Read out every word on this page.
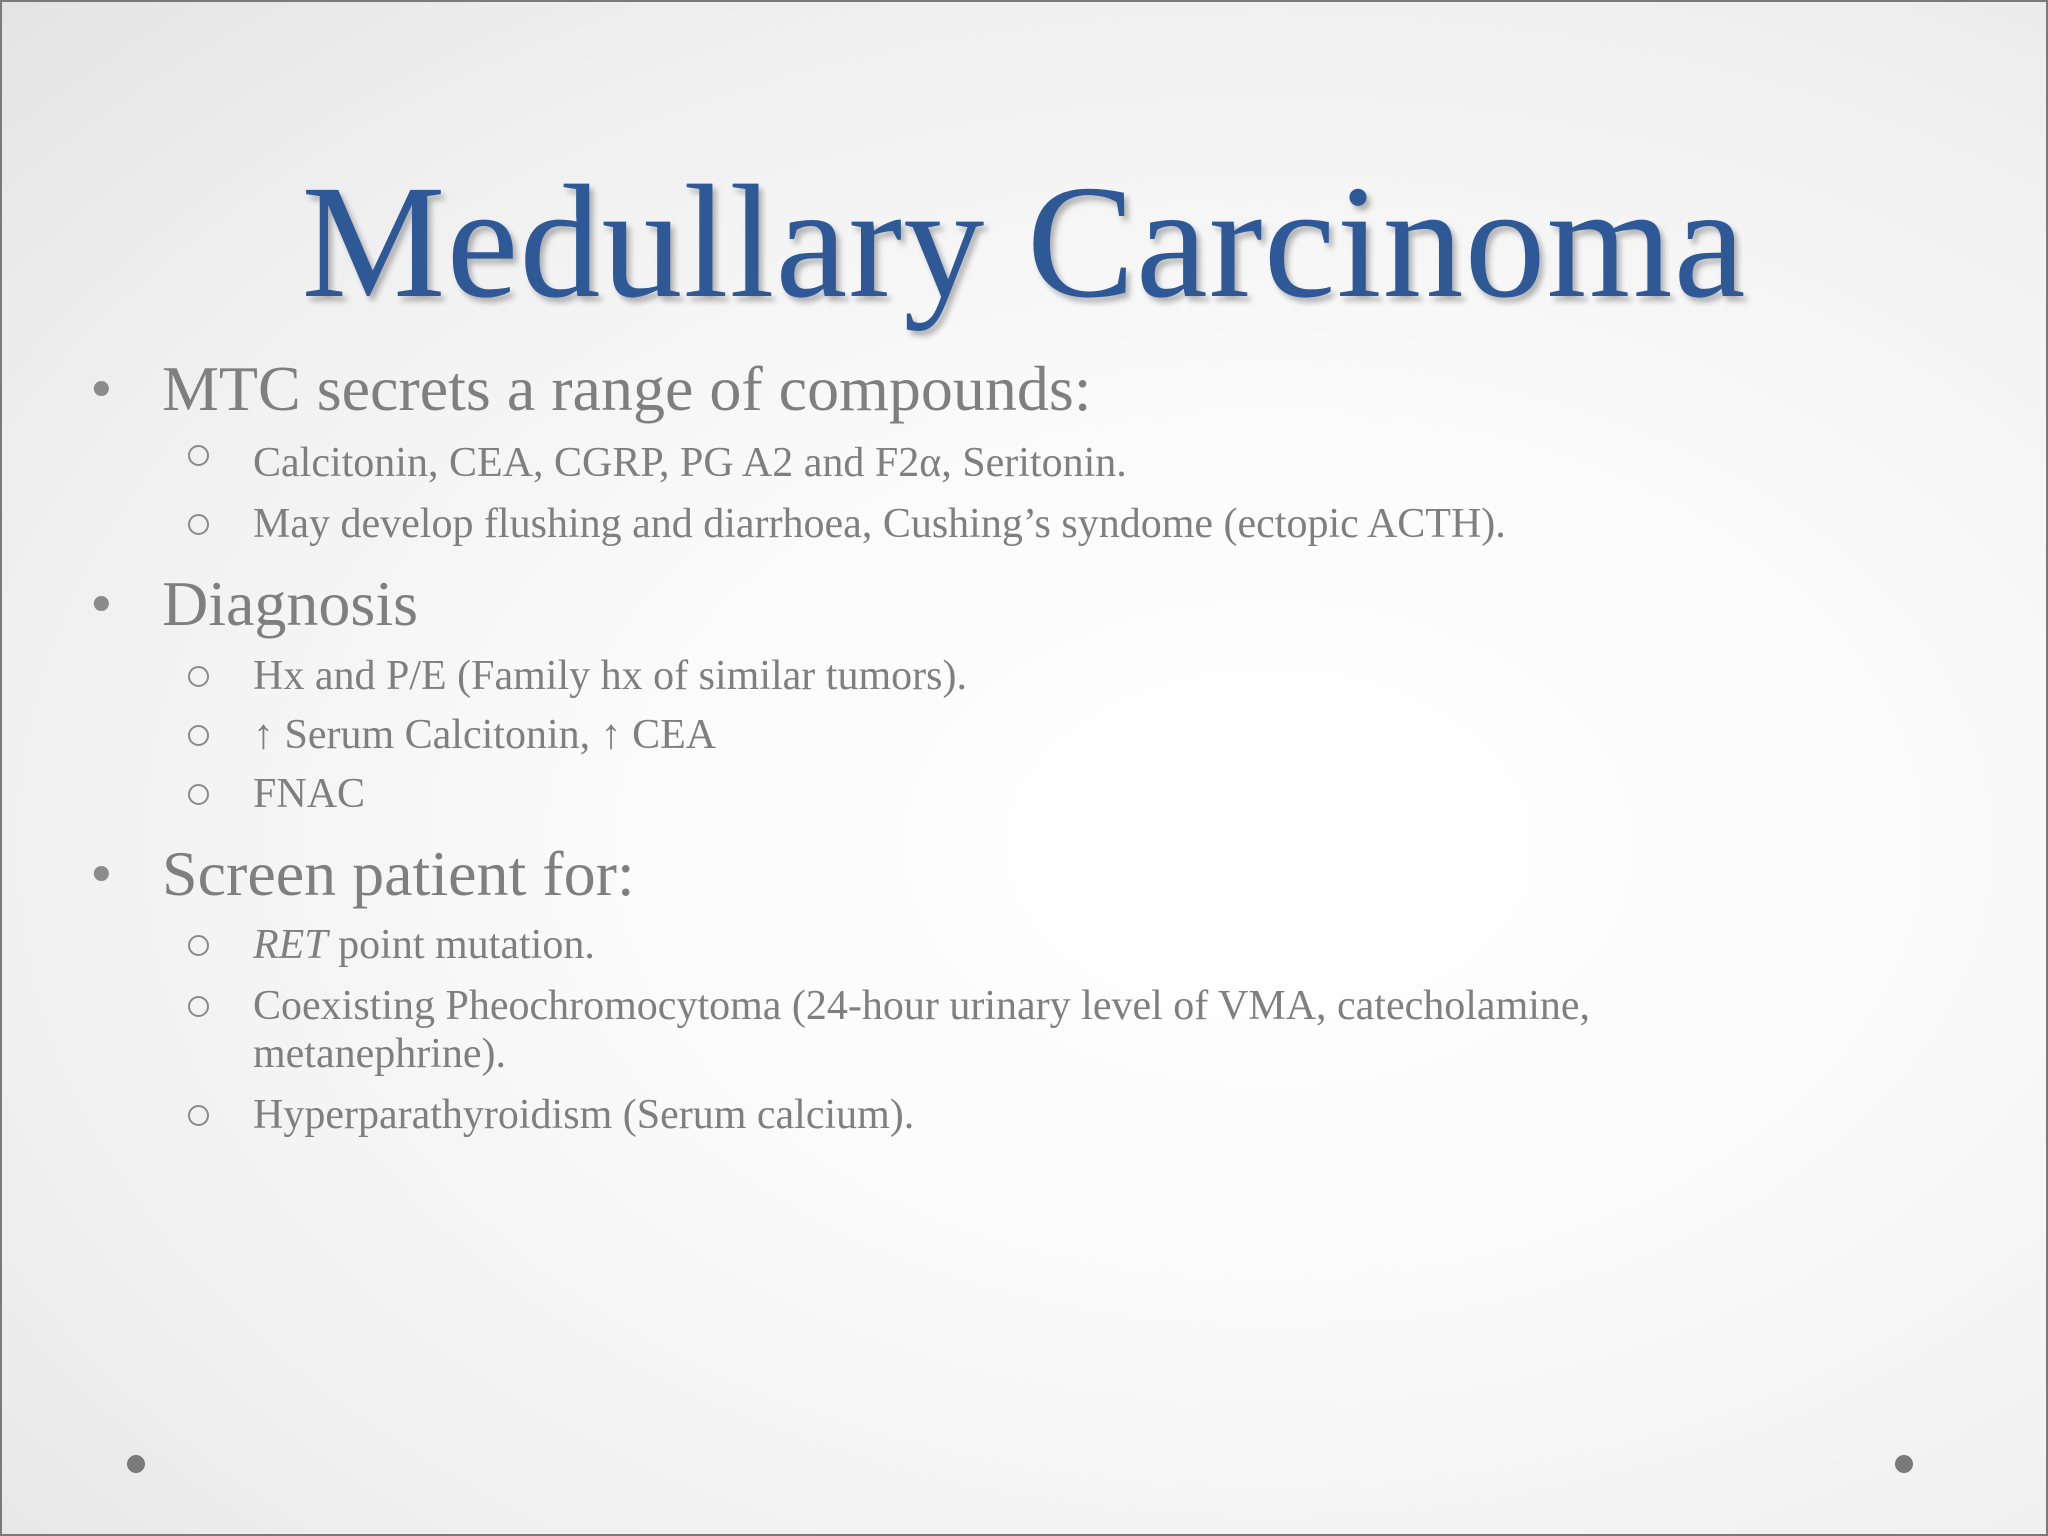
Medullary Carcinoma
• MTC secrets a range of compounds:
Calcitonin, CEA, CGRP, PG A2 and F2α, Seritonin.
May develop flushing and diarrhoea, Cushing’s syndome (ectopic ACTH).
• Diagnosis
Hx and P/E (Family hx of similar tumors).
↑ Serum Calcitonin, ↑ CEA
FNAC
• Screen patient for:
RET point mutation.
Coexisting Pheochromocytoma (24-hour urinary level of VMA, catecholamine,
metanephrine).
Hyperparathyroidism (Serum calcium).
